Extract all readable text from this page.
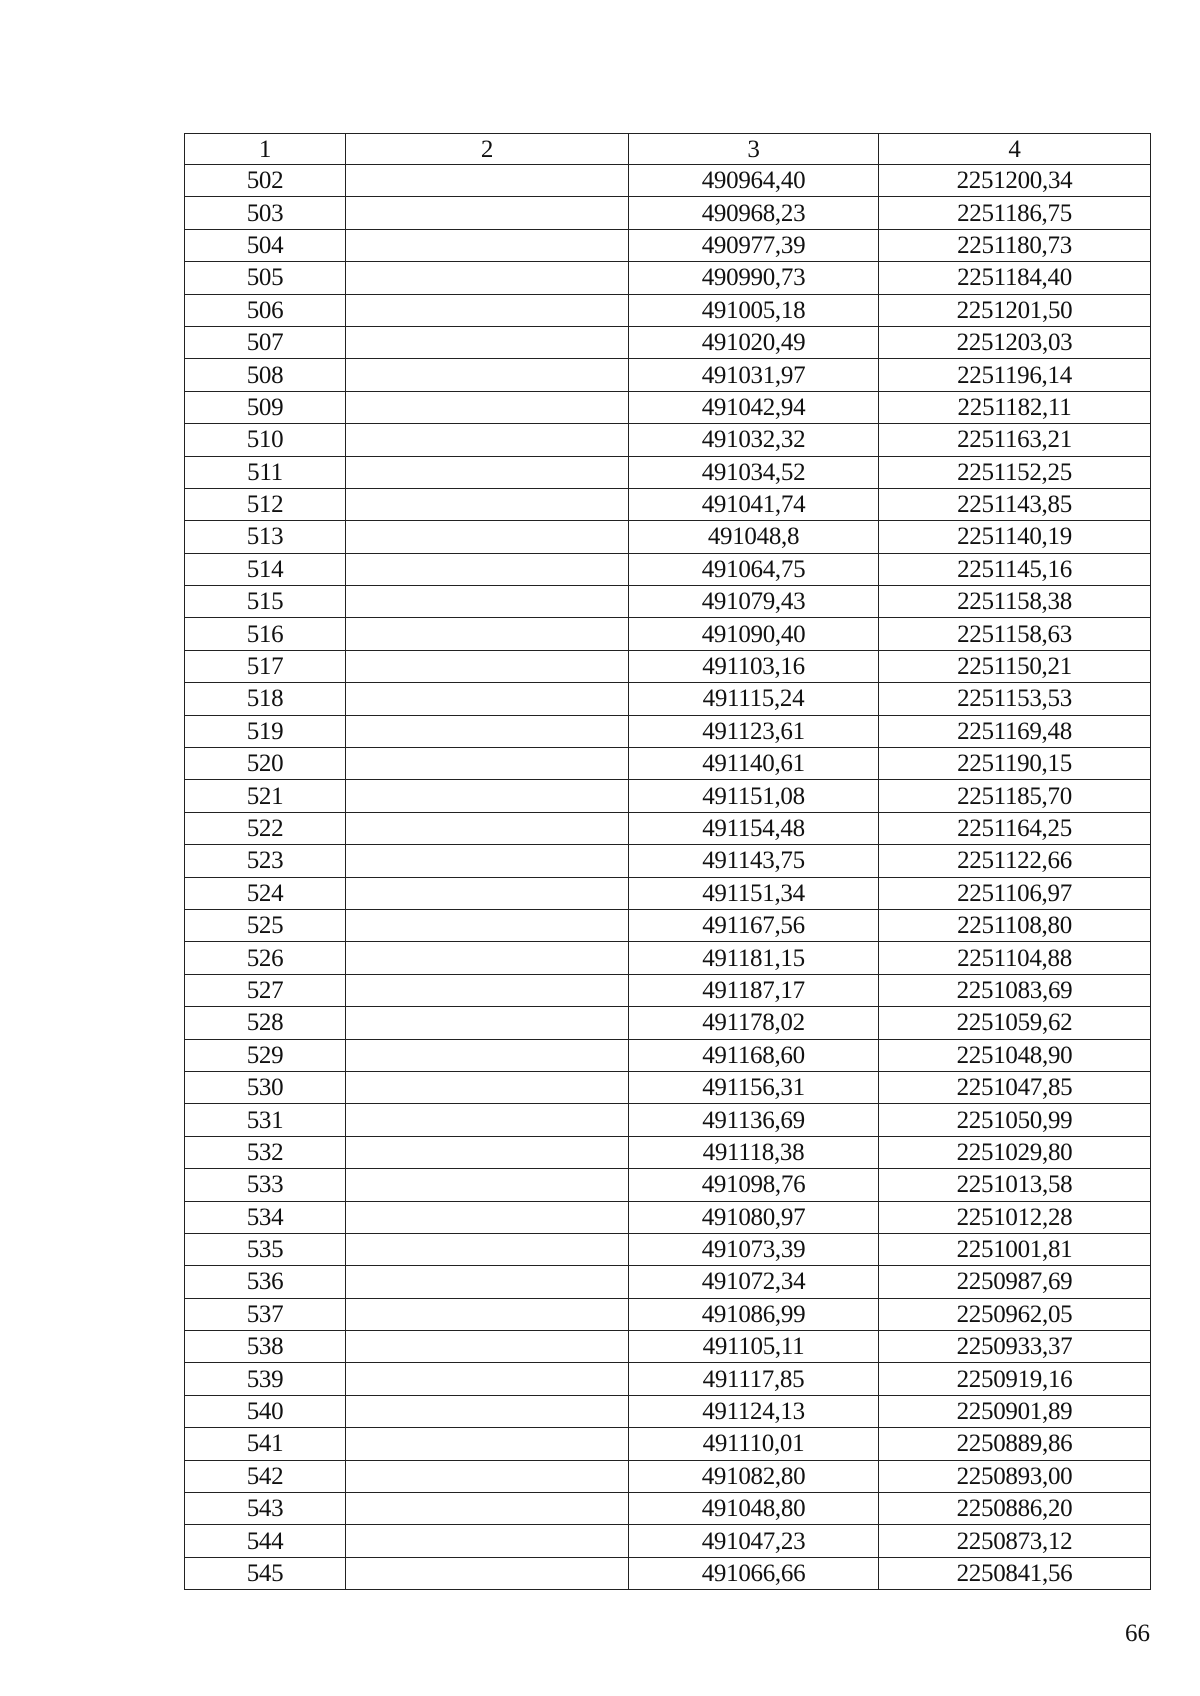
1	2	3	4
502		490964,40	2251200,34
503		490968,23	2251186,75
504		490977,39	2251180,73
505		490990,73	2251184,40
506		491005,18	2251201,50
507		491020,49	2251203,03
508		491031,97	2251196,14
509		491042,94	2251182,11
510		491032,32	2251163,21
511		491034,52	2251152,25
512		491041,74	2251143,85
513		491048,8	2251140,19
514		491064,75	2251145,16
515		491079,43	2251158,38
516		491090,40	2251158,63
517		491103,16	2251150,21
518		491115,24	2251153,53
519		491123,61	2251169,48
520		491140,61	2251190,15
521		491151,08	2251185,70
522		491154,48	2251164,25
523		491143,75	2251122,66
524		491151,34	2251106,97
525		491167,56	2251108,80
526		491181,15	2251104,88
527		491187,17	2251083,69
528		491178,02	2251059,62
529		491168,60	2251048,90
530		491156,31	2251047,85
531		491136,69	2251050,99
532		491118,38	2251029,80
533		491098,76	2251013,58
534		491080,97	2251012,28
535		491073,39	2251001,81
536		491072,34	2250987,69
537		491086,99	2250962,05
538		491105,11	2250933,37
539		491117,85	2250919,16
540		491124,13	2250901,89
541		491110,01	2250889,86
542		491082,80	2250893,00
543		491048,80	2250886,20
544		491047,23	2250873,12
545		491066,66	2250841,56
66
